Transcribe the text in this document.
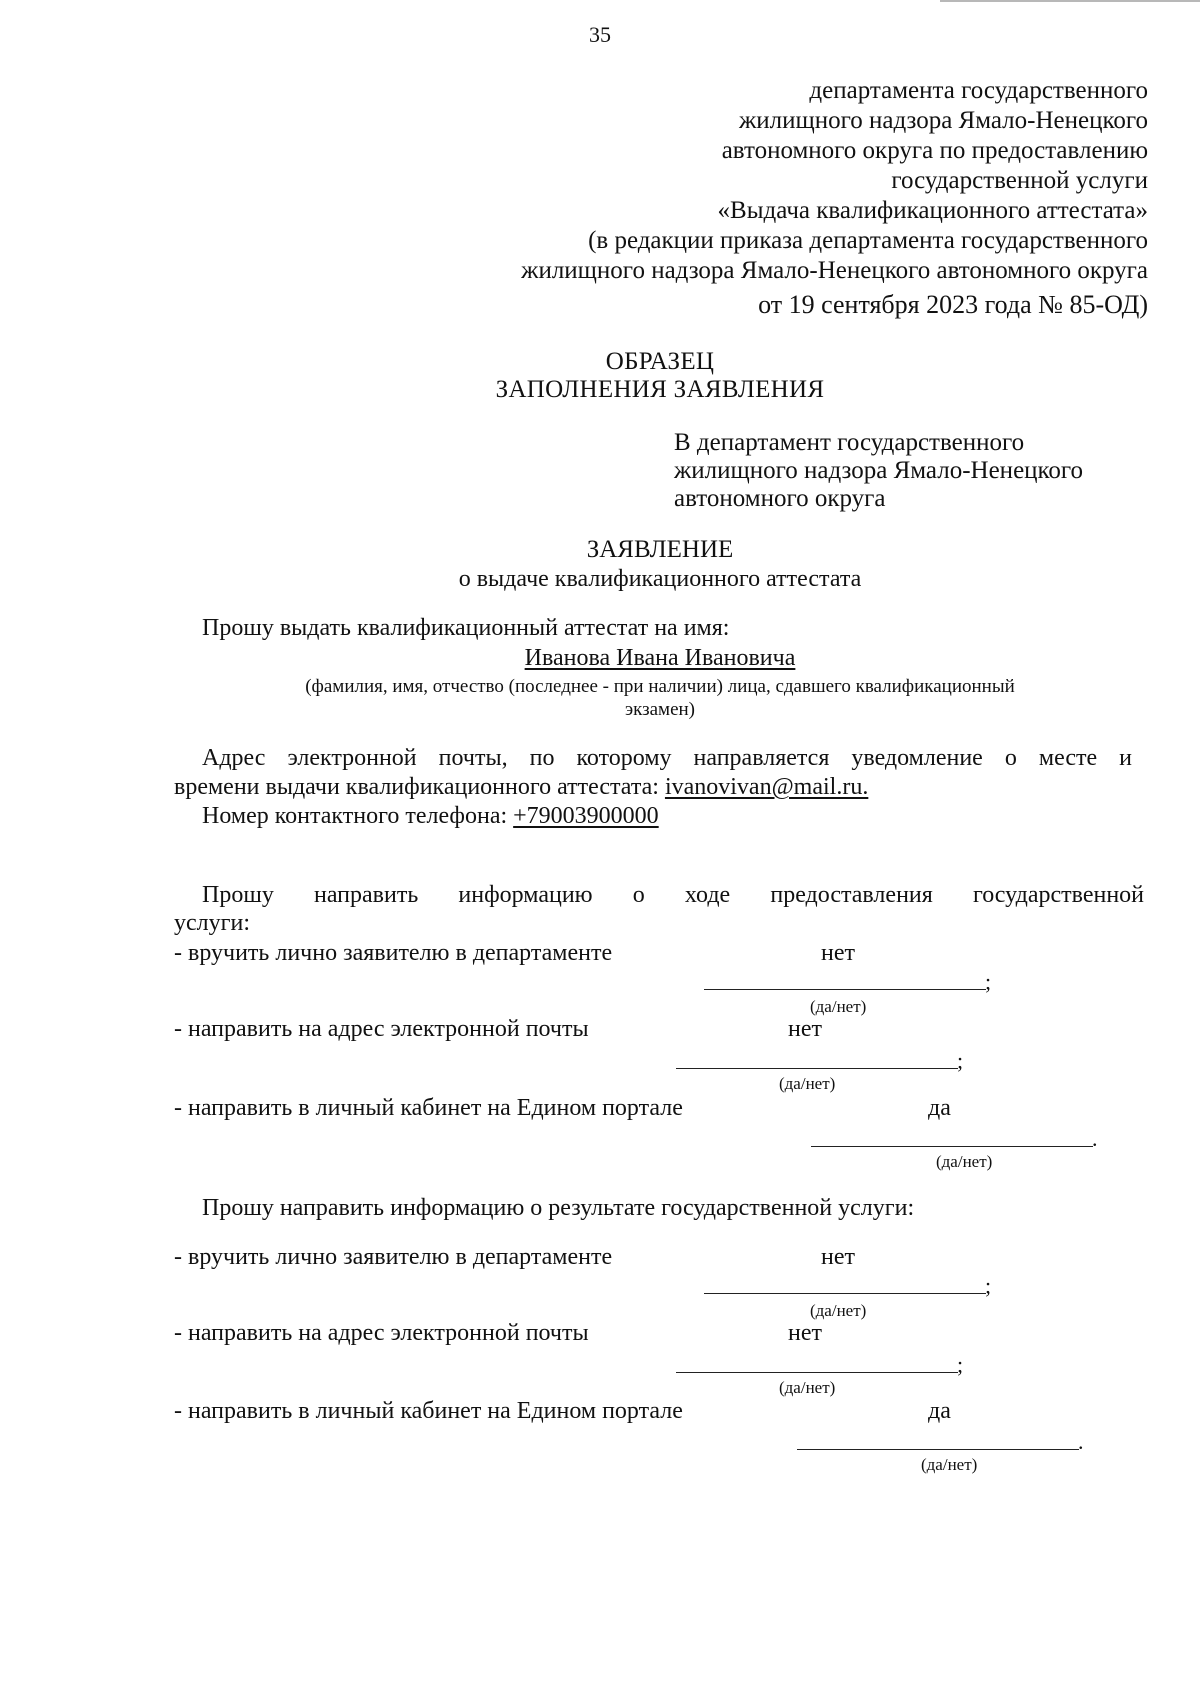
35
департамента государственного
жилищного надзора Ямало-Ненецкого
автономного округа по предоставлению
государственной услуги
«Выдача квалификационного аттестата»
(в редакции приказа департамента государственного
жилищного надзора Ямало-Ненецкого автономного округа
от 19 сентября 2023 года № 85-ОД)
ОБРАЗЕЦ
ЗАПОЛНЕНИЯ ЗАЯВЛЕНИЯ
В департамент государственного
жилищного надзора Ямало-Ненецкого
автономного округа
ЗАЯВЛЕНИЕ
о выдаче квалификационного аттестата
Прошу выдать квалификационный аттестат на имя:
Иванова Ивана Ивановича
(фамилия, имя, отчество (последнее - при наличии) лица, сдавшего квалификационный
экзамен)
Адрес электронной почты, по которому направляется уведомление о месте и
времени выдачи квалификационного аттестата: ivanovivan@mail.ru.
Номер контактного телефона: +79003900000
Прошу направить информацию о ходе предоставления государственной
услуги:
- вручить лично заявителю в департаменте	нет
;
(да/нет)
- направить на адрес электронной почты	нет
;
(да/нет)
- направить в личный кабинет на Едином портале	да
.
(да/нет)
Прошу направить информацию о результате государственной услуги:
- вручить лично заявителю в департаменте	нет
;
(да/нет)
- направить на адрес электронной почты	нет
;
(да/нет)
- направить в личный кабинет на Едином портале	да
.
(да/нет)
